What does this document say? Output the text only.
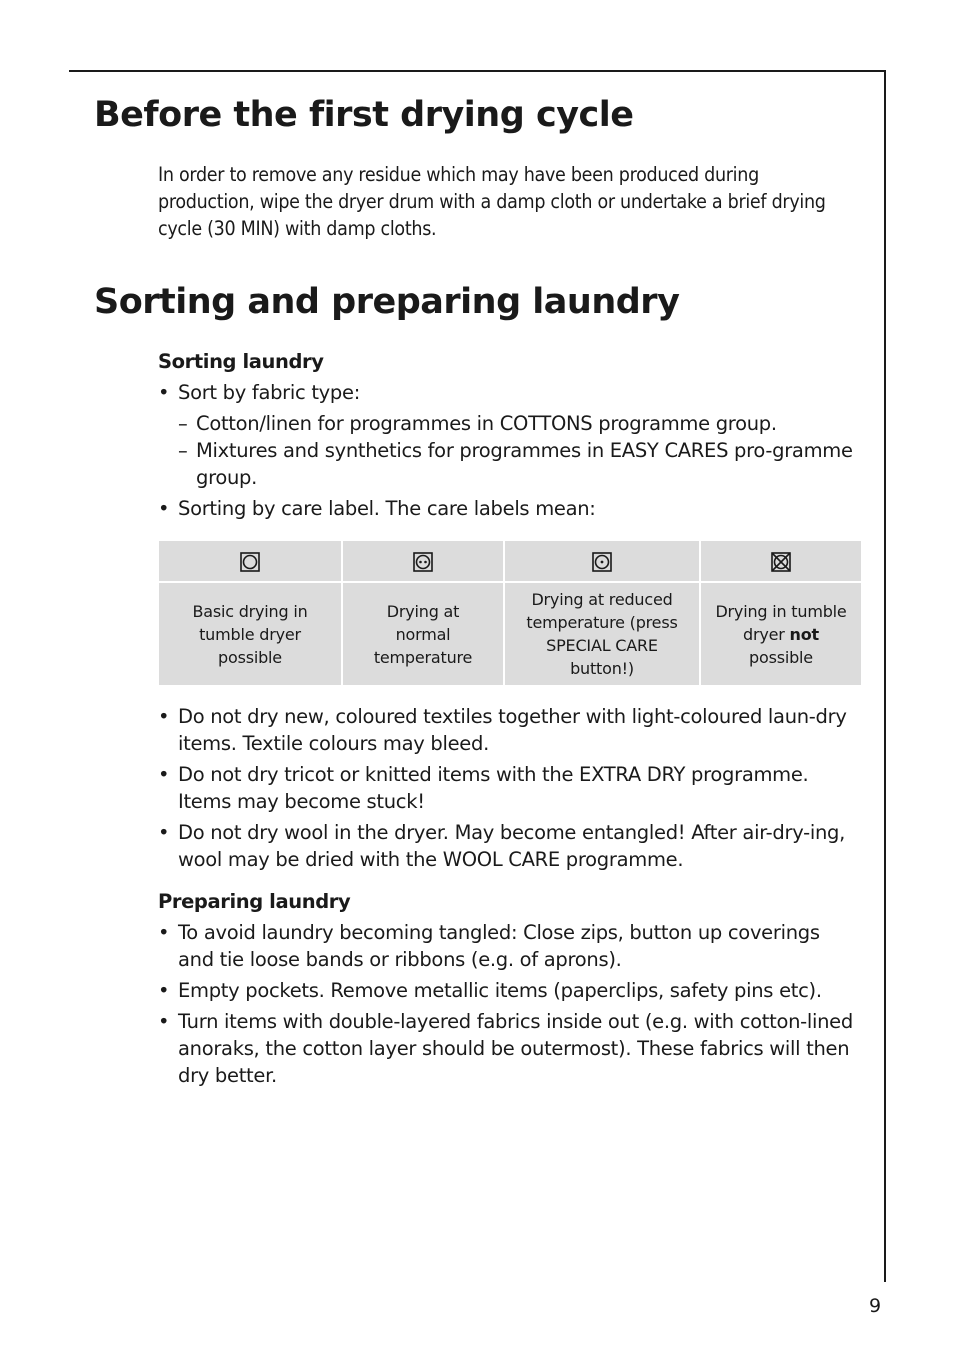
Before the first drying cycle

In order to remove any residue which may have been produced during production, wipe the dryer drum with a damp cloth or undertake a brief drying cycle (30 MIN) with damp cloths.

Sorting and preparing laundry

Sorting laundry

• Sort by fabric type:
– Cotton/linen for programmes in COTTONS programme group.
– Mixtures and synthetics for programmes in EASY CARES pro-gramme group.
• Sorting by care label. The care labels mean:

Basic drying in tumble dryer possible	Drying at normal temperature	Drying at reduced temperature (press SPECIAL CARE button!)	Drying in tumble dryer not possible
• Do not dry new, coloured textiles together with light-coloured laun-dry items. Textile colours may bleed.
• Do not dry tricot or knitted items with the EXTRA DRY programme. Items may become stuck!
• Do not dry wool in the dryer. May become entangled! After air-dry-ing, wool may be dried with the WOOL CARE programme.

Preparing laundry

• To avoid laundry becoming tangled: Close zips, button up coverings and tie loose bands or ribbons (e.g. of aprons).
• Empty pockets. Remove metallic items (paperclips, safety pins etc).
• Turn items with double-layered fabrics inside out (e.g. with cotton-lined anoraks, the cotton layer should be outermost). These fabrics will then dry better.
9
